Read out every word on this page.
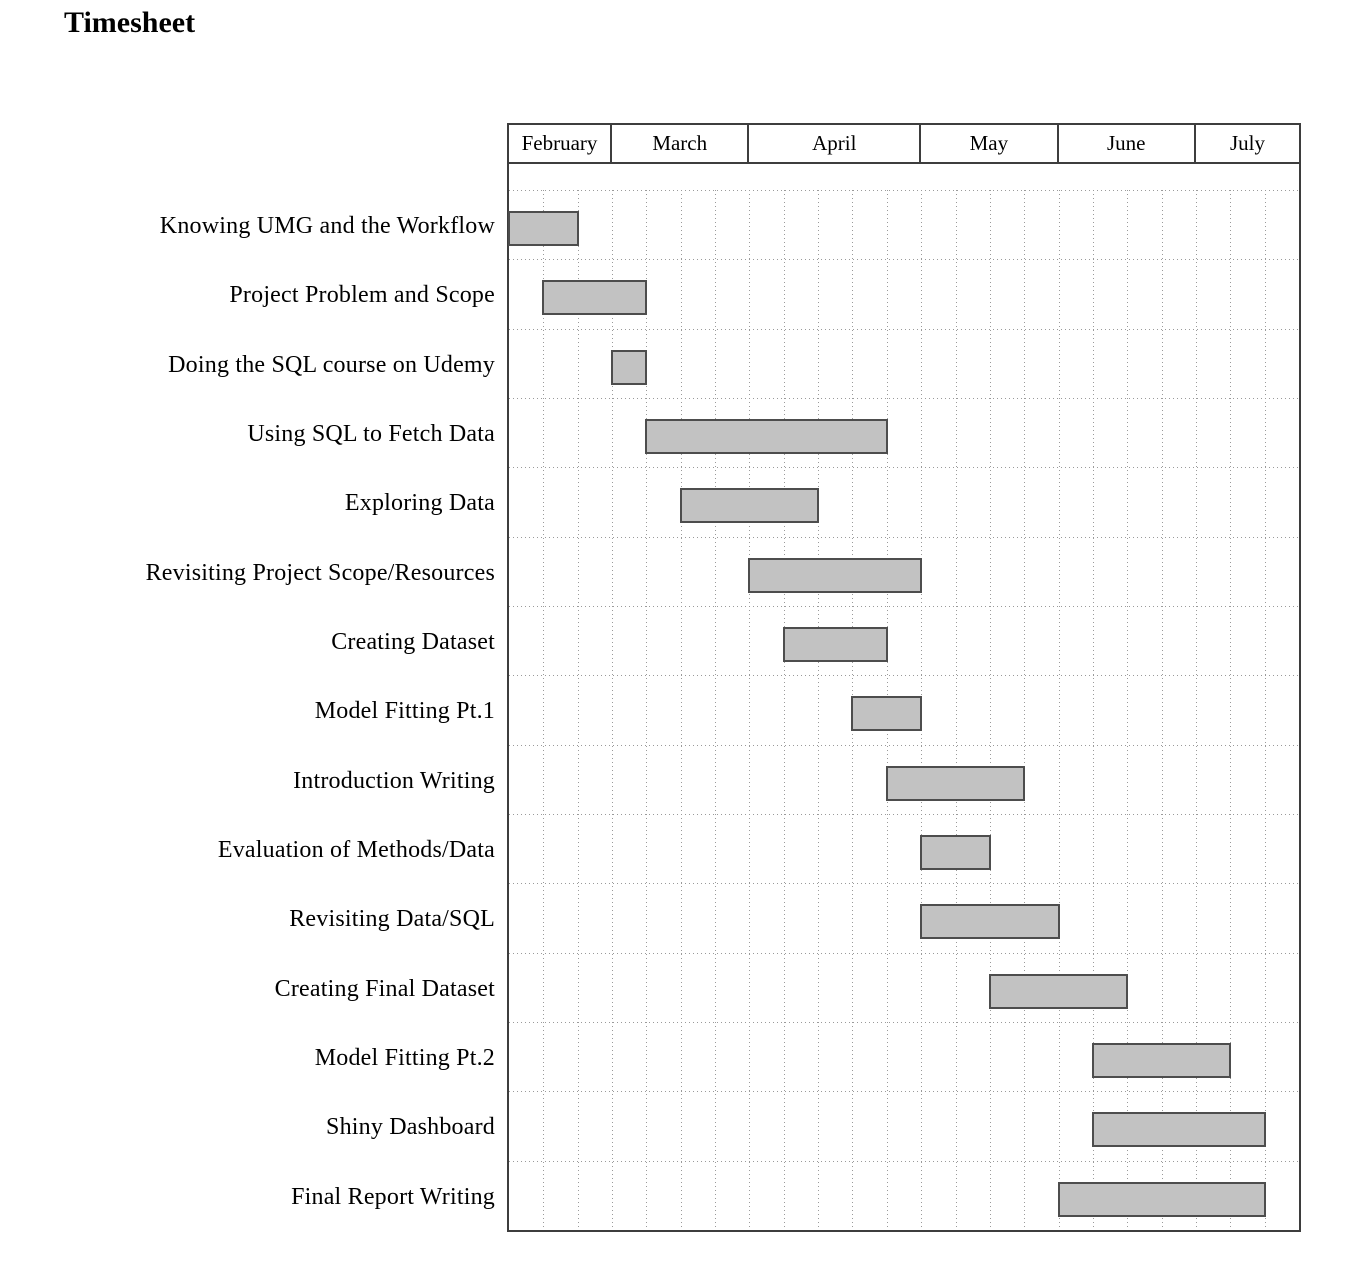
Timesheet
February	March	April	May	June	July
Knowing UMG and the Workflow
Project Problem and Scope
Doing the SQL course on Udemy
Using SQL to Fetch Data
Exploring Data
Revisiting Project Scope/Resources
Creating Dataset
Model Fitting Pt.1
Introduction Writing
Evaluation of Methods/Data
Revisiting Data/SQL
Creating Final Dataset
Model Fitting Pt.2
Shiny Dashboard
Final Report Writing
